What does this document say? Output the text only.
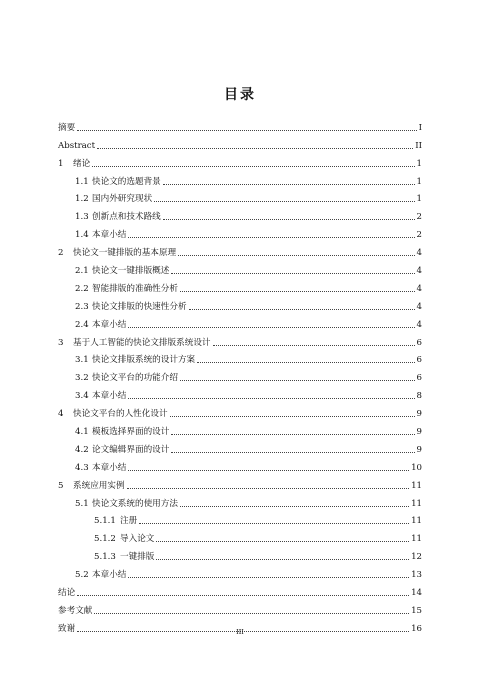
目录
摘要	I
Abstract	II
1 绪论	1
1.1 快论文的选题背景	1
1.2 国内外研究现状	1
1.3 创新点和技术路线	2
1.4 本章小结	2
2 快论文一键排版的基本原理	4
2.1 快论文一键排版概述	4
2.2 智能排版的准确性分析	4
2.3 快论文排版的快速性分析	4
2.4 本章小结	4
3 基于人工智能的快论文排版系统设计	6
3.1 快论文排版系统的设计方案	6
3.2 快论文平台的功能介绍	6
3.4 本章小结	8
4 快论文平台的人性化设计	9
4.1 模板选择界面的设计	9
4.2 论文编辑界面的设计	9
4.3 本章小结	10
5 系统应用实例	11
5.1 快论文系统的使用方法	11
5.1.1 注册	11
5.1.2 导入论文	11
5.1.3 一键排版	12
5.2 本章小结	13
结论	14
参考文献	15
致谢	16
III
